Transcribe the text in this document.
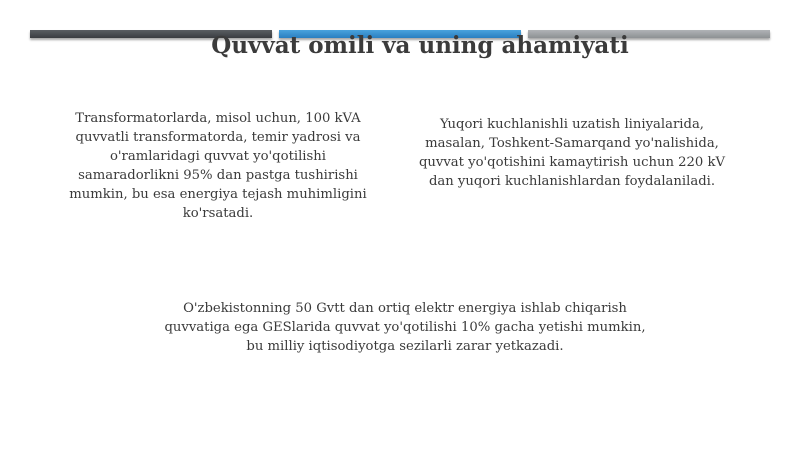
Quvvat omili va uning ahamiyati

Transformatorlarda, misol uchun, 100 kVA
quvvatli transformatorda, temir yadrosi va
o'ramlaridagi quvvat yo'qotilishi
samaradorlikni 95% dan pastga tushirishi
mumkin, bu esa energiya tejash muhimligini
ko'rsatadi.

Yuqori kuchlanishli uzatish liniyalarida,
masalan, Toshkent-Samarqand yo'nalishida,
quvvat yo'qotishini kamaytirish uchun 220 kV
dan yuqori kuchlanishlardan foydalaniladi.

O'zbekistonning 50 Gvtt dan ortiq elektr energiya ishlab chiqarish
quvvatiga ega GESlarida quvvat yo'qotilishi 10% gacha yetishi mumkin,
bu milliy iqtisodiyotga sezilarli zarar yetkazadi.
